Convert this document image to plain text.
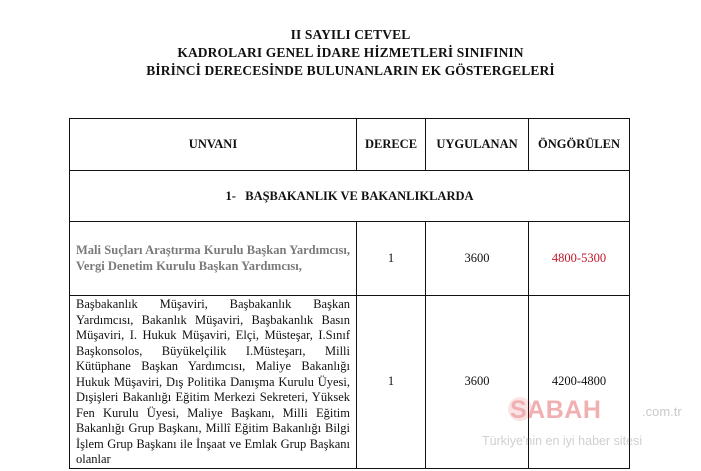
II SAYILI CETVEL
KADROLARI GENEL İDARE HİZMETLERİ SINIFININ
BİRİNCİ DERECESİNDE BULUNANLARIN EK GÖSTERGELERİ
UNVANI	DERECE	UYGULANAN	ÖNGÖRÜLEN
1-   BAŞBAKANLIK VE BAKANLIKLARDA			
Mali Suçları Araştırma Kurulu Başkan Yardımcısı, Vergi Denetim Kurulu Başkan Yardımcısı,	1	3600	4800-5300
Başbakanlık Müşaviri, Başbakanlık Başkan Yardımcısı, Bakanlık Müşaviri, Başbakanlık Basın Müşaviri, I. Hukuk Müşaviri, Elçi, Müsteşar, I.Sınıf Başkonsolos, Büyükelçilik I.Müsteşarı, Milli Kütüphane Başkan Yardımcısı, Maliye Bakanlığı Hukuk Müşaviri, Dış Politika Danışma Kurulu Üyesi, Dışişleri Bakanlığı Eğitim Merkezi Sekreteri, Yüksek Fen Kurulu Üyesi, Maliye Başkanı, Milli Eğitim Bakanlığı Grup Başkanı, Millî Eğitim Bakanlığı Bilgi İşlem Grup Başkanı ile İnşaat ve Emlak Grup Başkanı olanlar	1	3600	4200-4800
SABAH	.com.tr
Türkiye'nin en iyi haber sitesi
